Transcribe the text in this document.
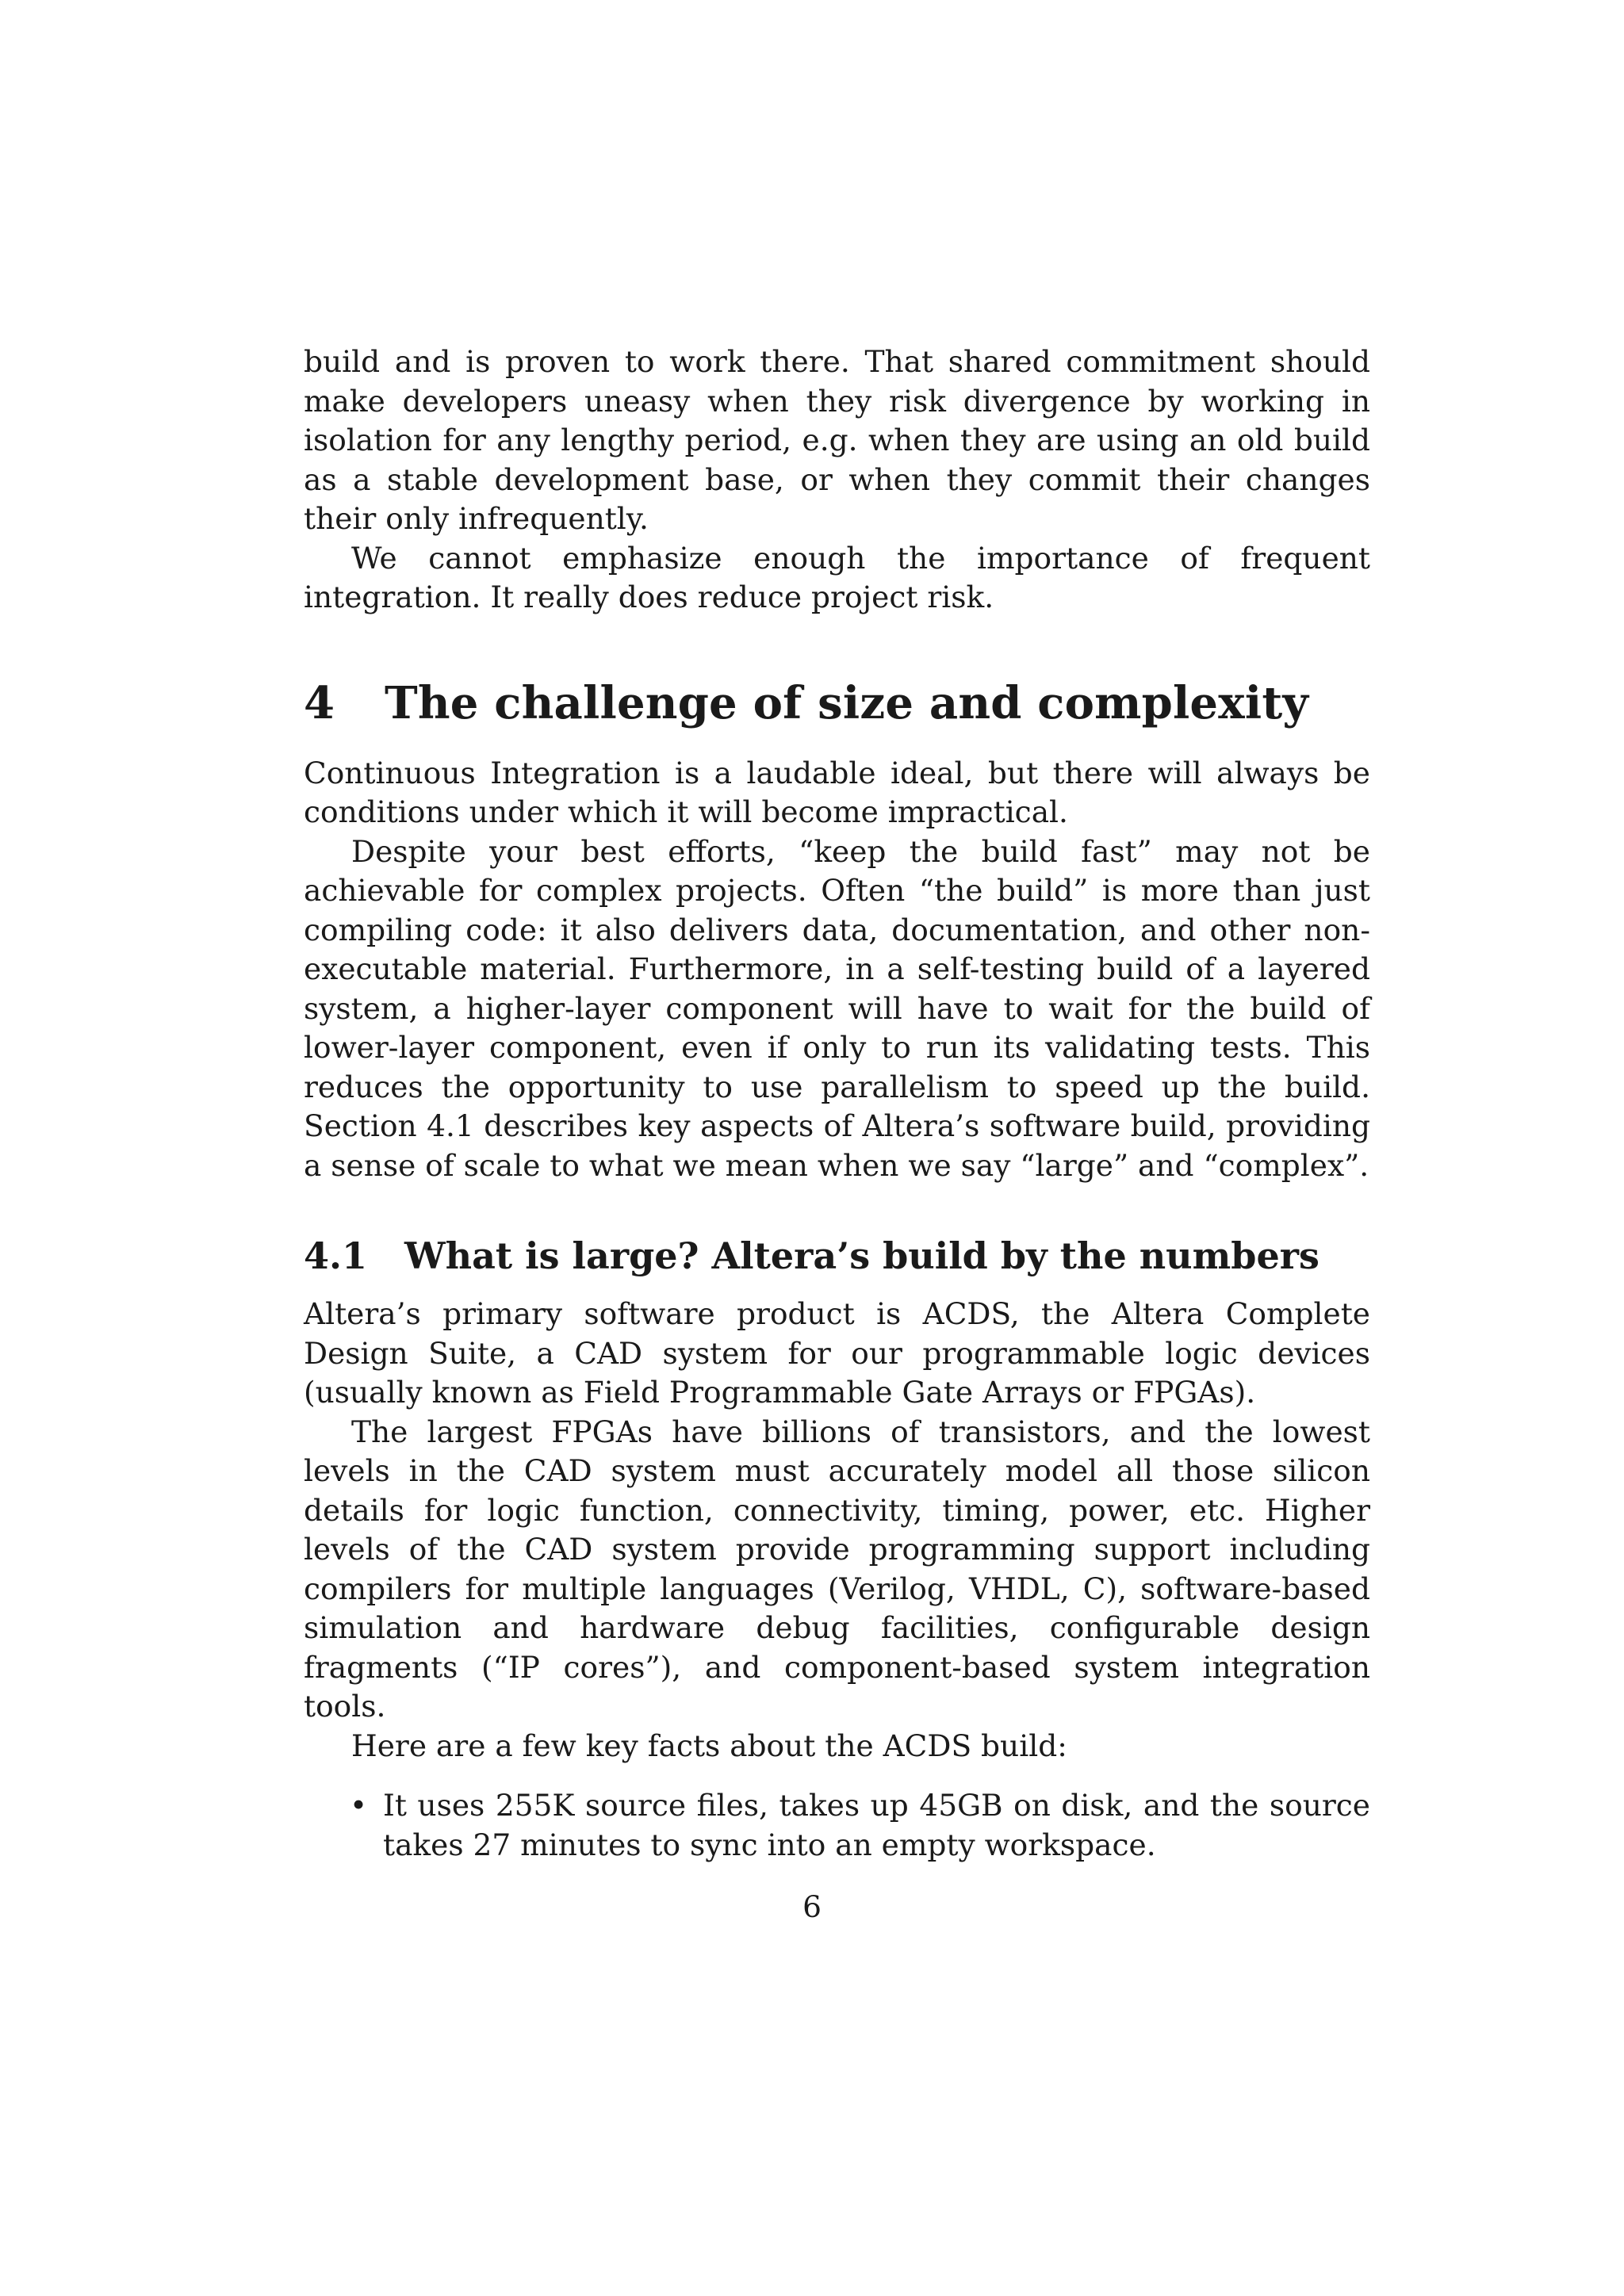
build and is proven to work there. That shared commitment should make developers uneasy when they risk divergence by working in isolation for any lengthy period, e.g. when they are using an old build as a stable development base, or when they commit their changes their only infrequently.

We cannot emphasize enough the importance of frequent integration. It really does reduce project risk.

4 The challenge of size and complexity

Continuous Integration is a laudable ideal, but there will always be conditions under which it will become impractical.

Despite your best efforts, “keep the build fast” may not be achievable for complex projects. Often “the build” is more than just compiling code: it also delivers data, documentation, and other non-executable material. Furthermore, in a self-testing build of a layered system, a higher-layer component will have to wait for the build of lower-layer component, even if only to run its validating tests. This reduces the opportunity to use parallelism to speed up the build. Section 4.1 describes key aspects of Altera’s software build, providing a sense of scale to what we mean when we say “large” and “complex”.

4.1 What is large? Altera’s build by the numbers

Altera’s primary software product is ACDS, the Altera Complete Design Suite, a CAD system for our programmable logic devices (usually known as Field Programmable Gate Arrays or FPGAs).

The largest FPGAs have billions of transistors, and the lowest levels in the CAD system must accurately model all those silicon details for logic function, connectivity, timing, power, etc. Higher levels of the CAD system provide programming support including compilers for multiple languages (Verilog, VHDL, C), software-based simulation and hardware debug facilities, configurable design fragments (“IP cores”), and component-based system integration tools.

Here are a few key facts about the ACDS build:

• It uses 255K source files, takes up 45GB on disk, and the source takes 27 minutes to sync into an empty workspace.
6
